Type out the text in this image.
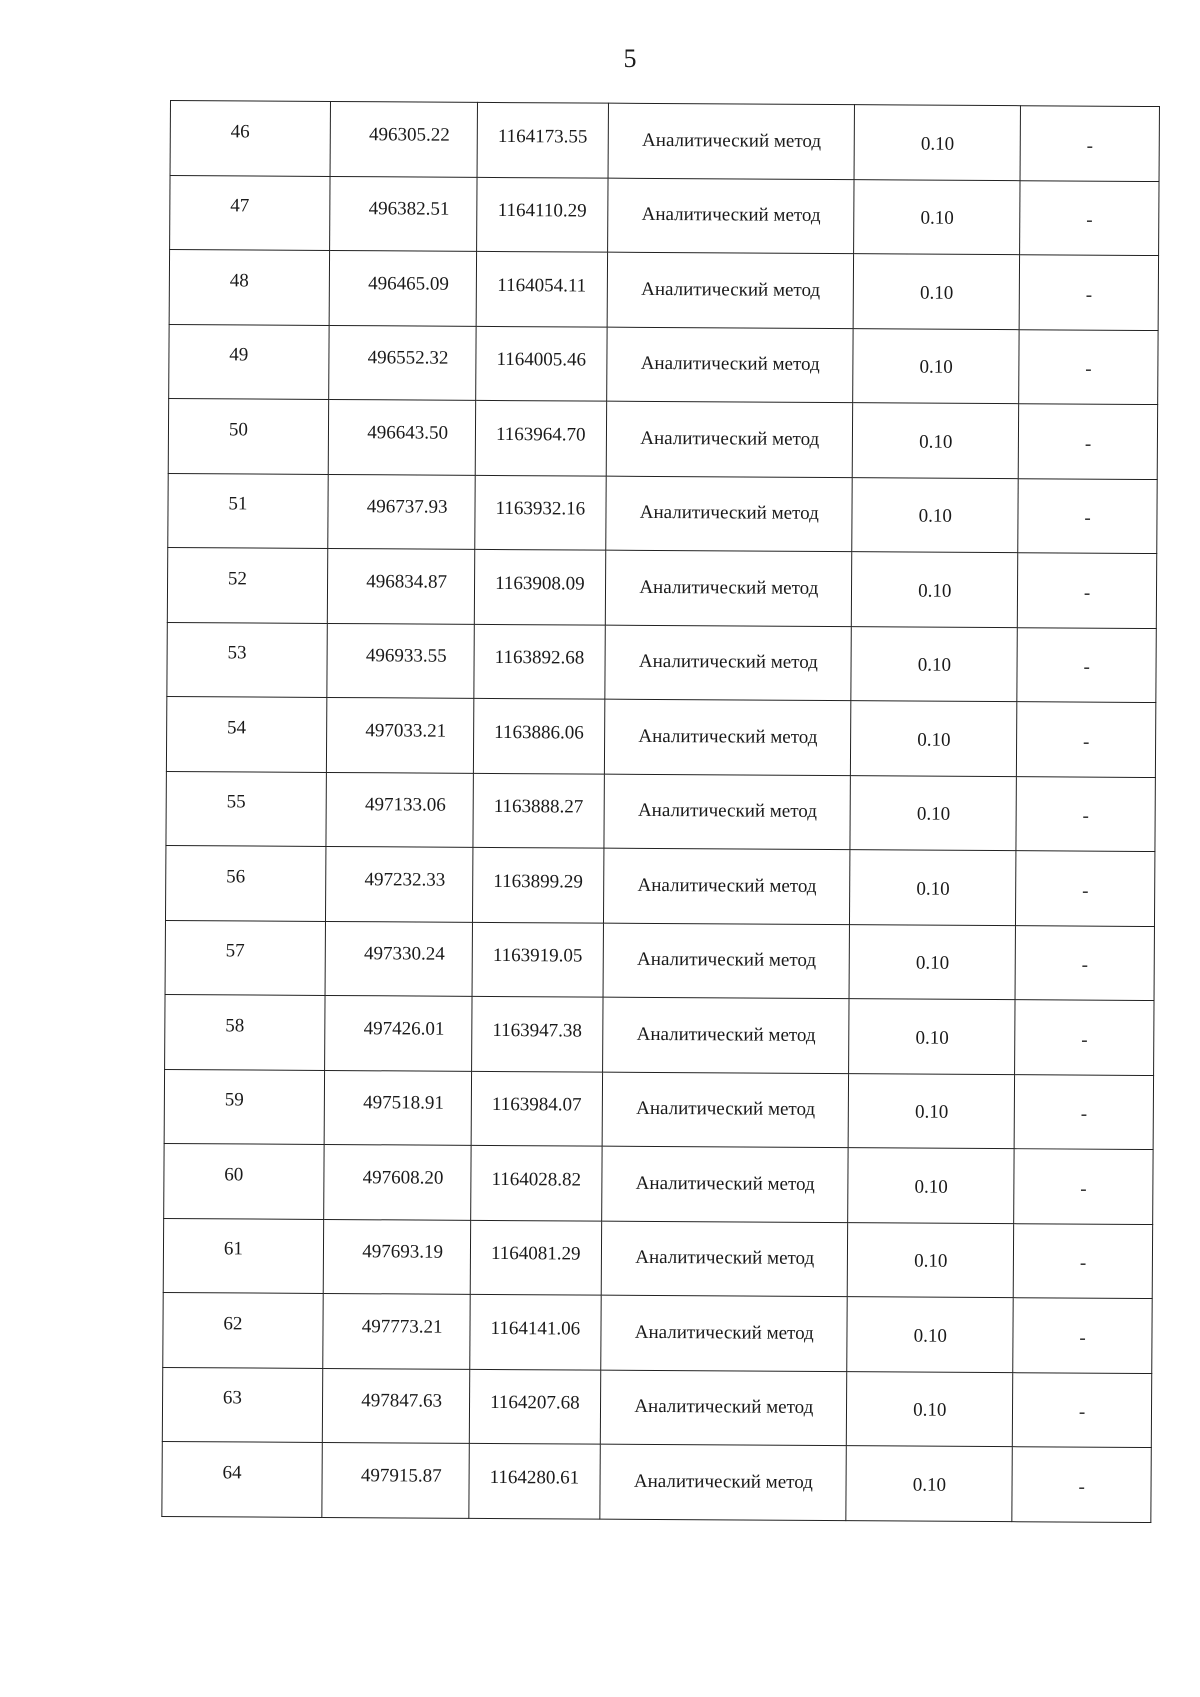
5
46	496305.22	1164173.55	Аналитический метод	0.10	-
47	496382.51	1164110.29	Аналитический метод	0.10	-
48	496465.09	1164054.11	Аналитический метод	0.10	-
49	496552.32	1164005.46	Аналитический метод	0.10	-
50	496643.50	1163964.70	Аналитический метод	0.10	-
51	496737.93	1163932.16	Аналитический метод	0.10	-
52	496834.87	1163908.09	Аналитический метод	0.10	-
53	496933.55	1163892.68	Аналитический метод	0.10	-
54	497033.21	1163886.06	Аналитический метод	0.10	-
55	497133.06	1163888.27	Аналитический метод	0.10	-
56	497232.33	1163899.29	Аналитический метод	0.10	-
57	497330.24	1163919.05	Аналитический метод	0.10	-
58	497426.01	1163947.38	Аналитический метод	0.10	-
59	497518.91	1163984.07	Аналитический метод	0.10	-
60	497608.20	1164028.82	Аналитический метод	0.10	-
61	497693.19	1164081.29	Аналитический метод	0.10	-
62	497773.21	1164141.06	Аналитический метод	0.10	-
63	497847.63	1164207.68	Аналитический метод	0.10	-
64	497915.87	1164280.61	Аналитический метод	0.10	-
